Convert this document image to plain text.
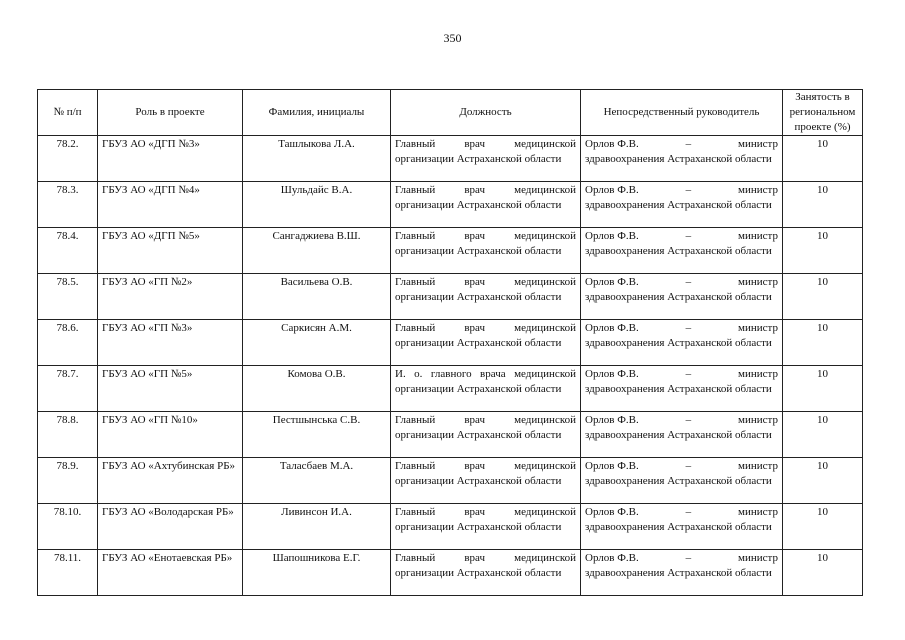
350
№ п/п	Роль в проекте	Фамилия, инициалы	Должность	Непосредственный руководитель	Занятость в региональном проекте (%)
78.2.	ГБУЗ АО «ДГП №3»	Ташлыкова Л.А.	Главный врач медицинской организации Астраханской области	Орлов Ф.В. – министр
здравоохранения Астраханской области	10
78.3.	ГБУЗ АО «ДГП №4»	Шульдайс В.А.	Главный врач медицинской организации Астраханской области	Орлов Ф.В. – министр
здравоохранения Астраханской области	10
78.4.	ГБУЗ АО «ДГП №5»	Сангаджиева В.Ш.	Главный врач медицинской организации Астраханской области	Орлов Ф.В. – министр
здравоохранения Астраханской области	10
78.5.	ГБУЗ АО «ГП №2»	Васильева О.В.	Главный врач медицинской организации Астраханской области	Орлов Ф.В. – министр
здравоохранения Астраханской области	10
78.6.	ГБУЗ АО «ГП №3»	Саркисян А.М.	Главный врач медицинской организации Астраханской области	Орлов Ф.В. – министр
здравоохранения Астраханской области	10
78.7.	ГБУЗ АО «ГП №5»	Комова О.В.	И. о. главного врача медицинской организации Астраханской области	Орлов Ф.В. – министр
здравоохранения Астраханской области	10
78.8.	ГБУЗ АО «ГП №10»	Пестшынська С.В.	Главный врач медицинской организации Астраханской области	Орлов Ф.В. – министр
здравоохранения Астраханской области	10
78.9.	ГБУЗ АО «Ахтубинская РБ»	Таласбаев М.А.	Главный врач медицинской организации Астраханской области	Орлов Ф.В. – министр
здравоохранения Астраханской области	10
78.10.	ГБУЗ АО «Володарская РБ»	Ливинсон И.А.	Главный врач медицинской организации Астраханской области	Орлов Ф.В. – министр
здравоохранения Астраханской области	10
78.11.	ГБУЗ АО «Енотаевская РБ»	Шапошникова Е.Г.	Главный врач медицинской организации Астраханской области	Орлов Ф.В. – министр
здравоохранения Астраханской области	10
